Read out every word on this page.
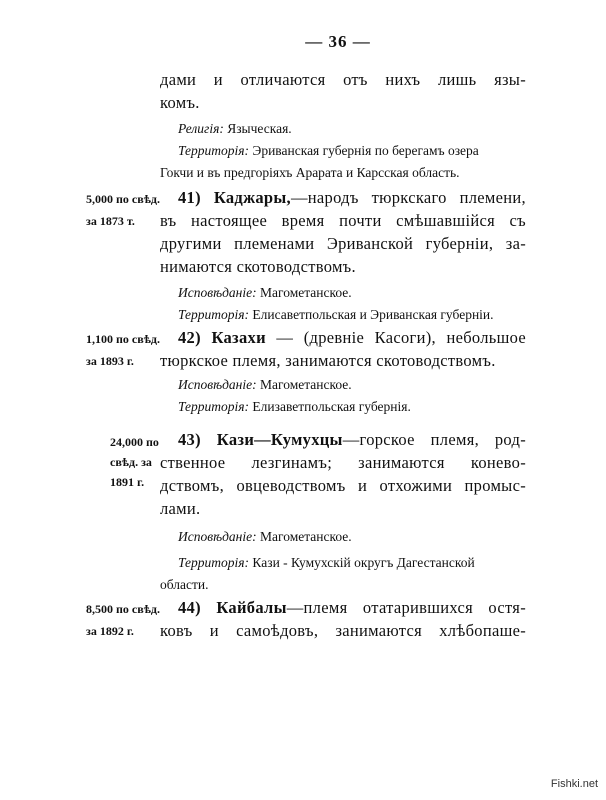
— 36 —
дами и отличаются отъ нихъ лишь язы-
комъ.
Религія: Языческая.
Территорія: Эриванская губернія по берегамъ озера
Гокчи и въ предгоріяхъ Арарата и Карсская область.
5,000 по свѣд.
за 1873 т.
41) Каджары,—народъ тюркскаго племени,
въ настоящее время почти смѣшавшійся съ
другими племенами Эриванской губерніи, за-
нимаются скотоводствомъ.
Исповѣданіе: Магометанское.
Территорія: Елисаветпольская и Эриванская губерніи.
1,100 по свѣд.
за 1893 г.
42) Казахи — (древніе Касоги), небольшое
тюркское племя, занимаются скотоводствомъ.
Исповѣданіе: Магометанское.
Территорія: Елизаветпольская губернія.
24,000 по
свѣд. за
1891 г.
43) Кази—Кумухцы—горское племя, род-
ственное лезгинамъ; занимаются конево-
дствомъ, овцеводствомъ и отхожими промыс-
лами.
Исповѣданіе: Магометанское.
Территорія: Кази - Кумухскій округъ Дагестанской
области.
8,500 по свѣд.
за 1892 г.
44) Кайбалы—племя отатарившихся остя-
ковъ и самоѣдовъ, занимаются хлѣбопаше-
Fishki.net
